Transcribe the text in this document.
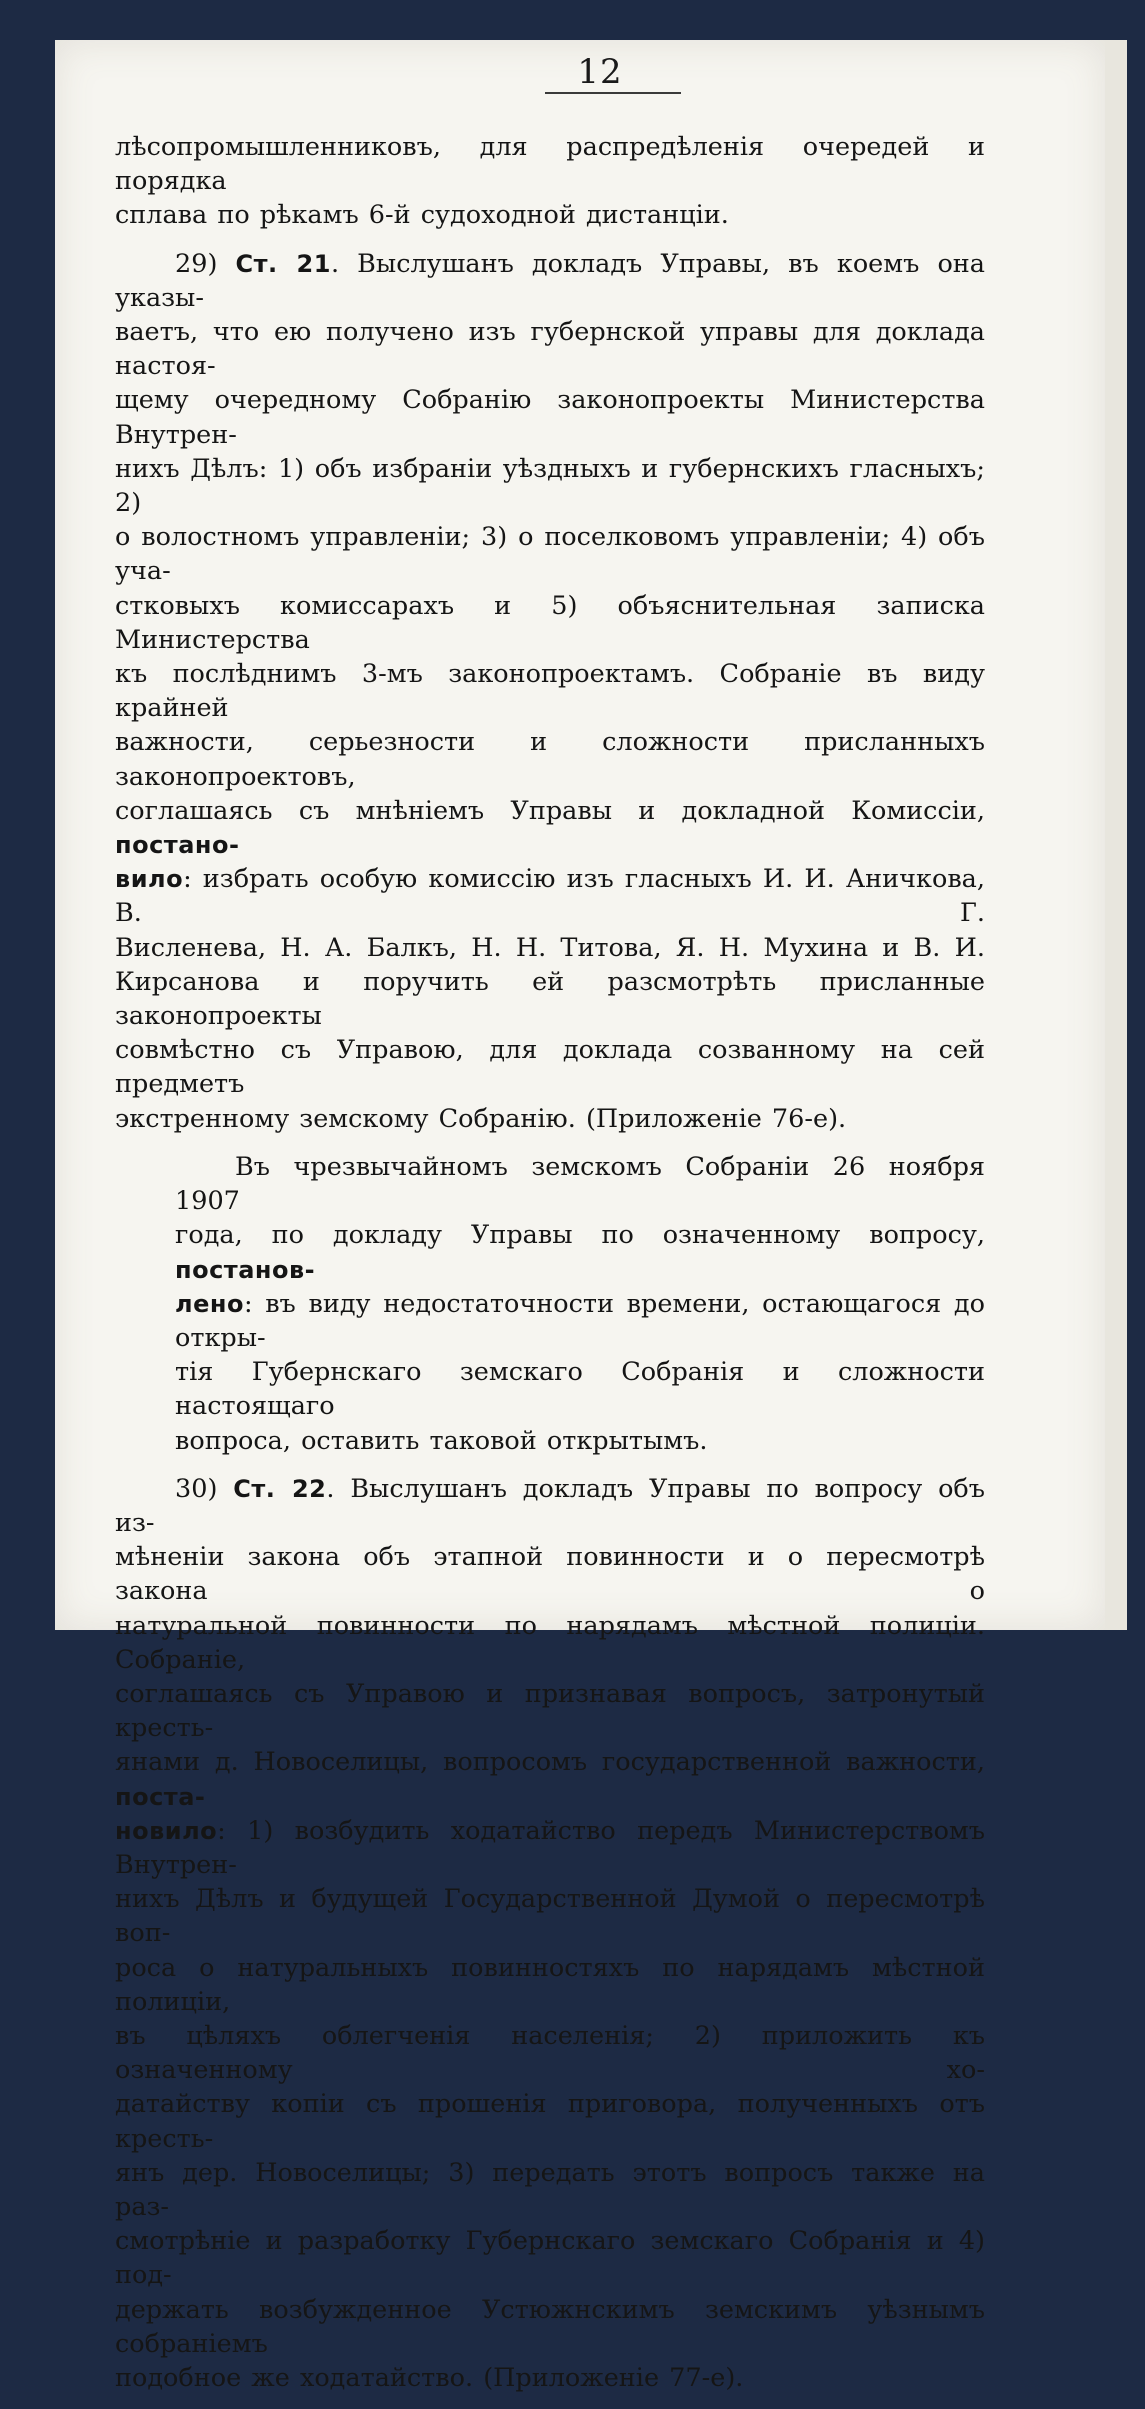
12
лѣсопромышленниковъ, для распредѣленія очередей и порядка
сплава по рѣкамъ 6-й судоходной дистанціи.
29) Ст. 21. Выслушанъ докладъ Управы, въ коемъ она указы-
ваетъ, что ею получено изъ губернской управы для доклада настоя-
щему очередному Собранію законопроекты Министерства Внутрен-
нихъ Дѣлъ: 1) объ избраніи уѣздныхъ и губернскихъ гласныхъ; 2)
о волостномъ управленіи; 3) о поселковомъ управленіи; 4) объ уча-
стковыхъ комиссарахъ и 5) объяснительная записка Министерства
къ послѣднимъ 3-мъ законопроектамъ. Собраніе въ виду крайней
важности, серьезности и сложности присланныхъ законопроектовъ,
соглашаясь съ мнѣніемъ Управы и докладной Комиссіи, постано-
вило: избрать особую комиссію изъ гласныхъ И. И. Аничкова, В. Г.
Висленева, Н. А. Балкъ, Н. Н. Титова, Я. Н. Мухина и В. И.
Кирсанова и поручить ей разсмотрѣть присланные законопроекты
совмѣстно съ Управою, для доклада созванному на сей предметъ
экстренному земскому Собранію. (Приложеніе 76-е).
Въ чрезвычайномъ земскомъ Собраніи 26 ноября 1907
года, по докладу Управы по означенному вопросу, постанов-
лено: въ виду недостаточности времени, остающагося до откры-
тія Губернскаго земскаго Собранія и сложности настоящаго
вопроса, оставить таковой открытымъ.
30) Ст. 22. Выслушанъ докладъ Управы по вопросу объ из-
мѣненіи закона объ этапной повинности и о пересмотрѣ закона о
натуральной повинности по нарядамъ мѣстной полиціи. Собраніе,
соглашаясь съ Управою и признавая вопросъ, затронутый кресть-
янами д. Новоселицы, вопросомъ государственной важности, поста-
новило: 1) возбудить ходатайство передъ Министерствомъ Внутрен-
нихъ Дѣлъ и будущей Государственной Думой о пересмотрѣ воп-
роса о натуральныхъ повинностяхъ по нарядамъ мѣстной полиціи,
въ цѣляхъ облегченія населенія; 2) приложить къ означенному хо-
датайству копіи съ прошенія приговора, полученныхъ отъ кресть-
янъ дер. Новоселицы; 3) передать этотъ вопросъ также на раз-
смотрѣніе и разработку Губернскаго земскаго Собранія и 4) под-
держать возбужденное Устюжнскимъ земскимъ уѣзнымъ собраніемъ
подобное же ходатайство. (Приложеніе 77-е).
